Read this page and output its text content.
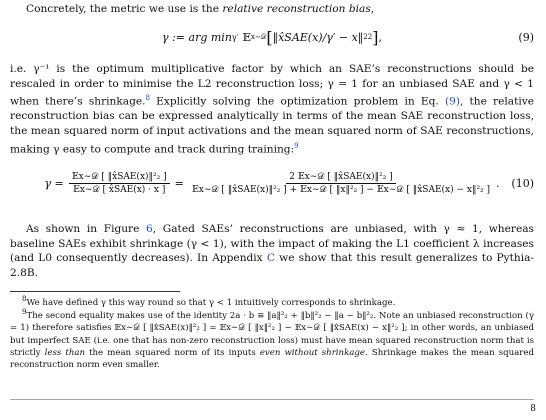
Concretely, the metric we use is the relative reconstruction bias,
γ := arg min γ′ 𝔼 x∼𝒟 [ ‖x̂SAE(x)/γ′ − x‖ 2 2 ] ,	(9)
i.e. γ⁻¹ is the optimum multiplicative factor by which an SAE’s reconstructions should be rescaled in order to minimise the L2 reconstruction loss; γ = 1 for an unbiased SAE and γ < 1 when there’s shrinkage.$^8$ Explicitly solving the optimization problem in Eq. (9), the relative reconstruction bias can be expressed analytically in terms of the mean SAE reconstruction loss, the mean squared norm of input activations and the mean squared norm of SAE reconstructions, making γ easy to compute and track during training:$^9$
$\gamma = \frac{\text{𝔼x∼𝒟 [ ‖x̂SAE(x)‖²₂ ]}}{\text{𝔼x∼𝒟 [ x̂SAE(x) · x ]}}$ =	2 𝔼x∼𝒟 [ ‖x̂SAE(x)‖²₂ ]
𝔼x∼𝒟 [ ‖x̂SAE(x)‖²₂ ] + 𝔼x∼𝒟 [ ‖x‖²₂ ] − 𝔼x∼𝒟 [ ‖x̂SAE(x) − x‖²₂ ] . (10)
As shown in Figure 6, Gated SAEs’ reconstructions are unbiased, with γ ≈ 1, whereas baseline SAEs exhibit shrinkage (γ < 1), with the impact of making the L1 coefficient λ increases (and L0 consequently decreases). In Appendix C we show that this result generalizes to Pythia-2.8B.
$^8$We have defined γ this way round so that γ < 1 intuitively corresponds to shrinkage.
$^9$The second equality makes use of the identity 2a · b ≡ ‖a‖²₂ + ‖b‖²₂ − ‖a − b‖²₂. Note an unbiased reconstruction (γ = 1) therefore satisfies 𝔼x∼𝒟 [ ‖x̂SAE(x)‖²₂ ] = 𝔼x∼𝒟 [ ‖x‖²₂ ] − 𝔼x∼𝒟 [ ‖x̂SAE(x) − x‖²₂ ]; in other words, an unbiased but imperfect SAE (i.e. one that has non-zero reconstruction loss) must have mean squared reconstruction norm that is strictly less than the mean squared norm of its inputs even without shrinkage. Shrinkage makes the mean squared reconstruction norm even smaller.
8
